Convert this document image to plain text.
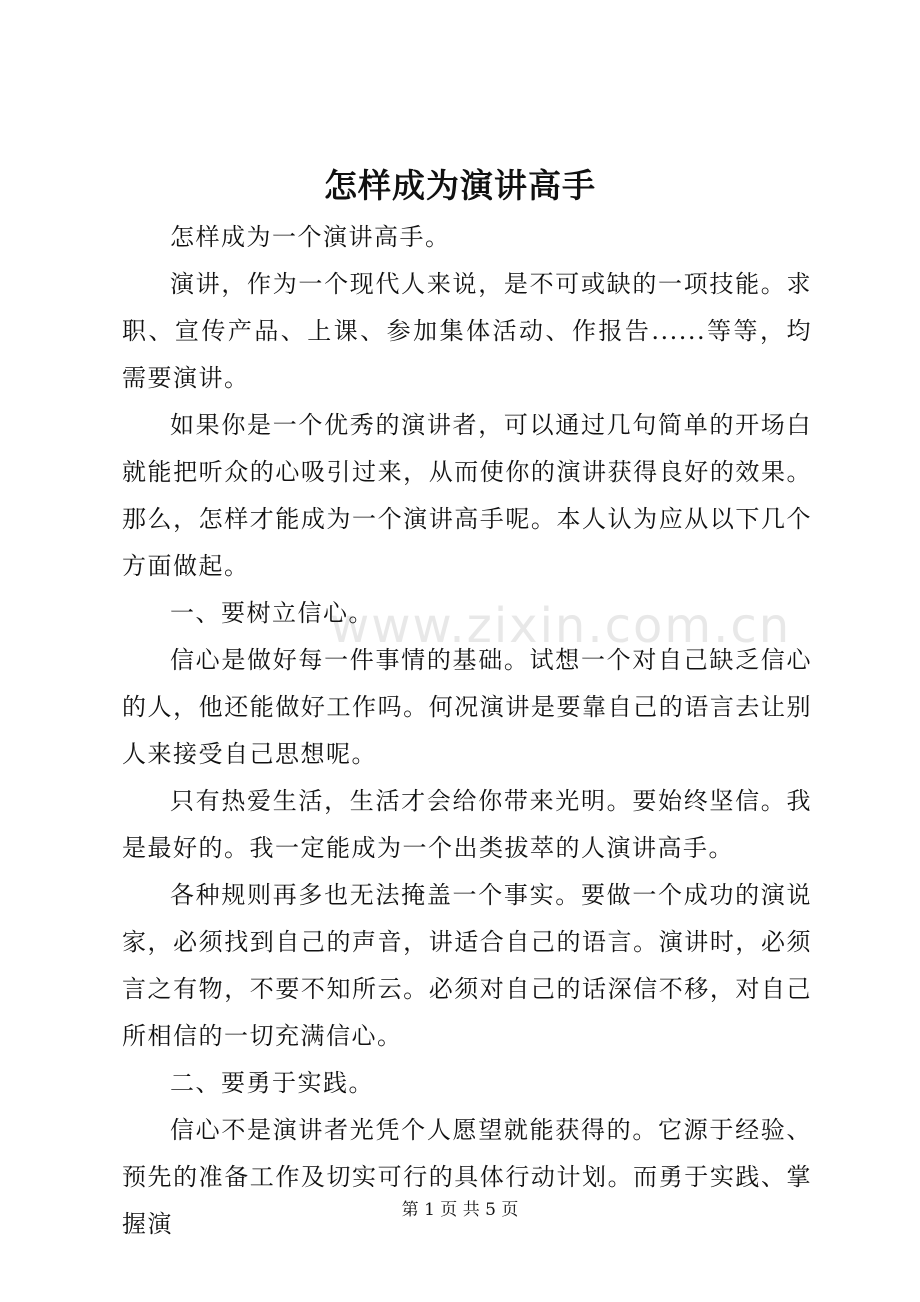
www.zixin.com.cn
怎样成为演讲高手

怎样成为一个演讲高手。

演讲，作为一个现代人来说，是不可或缺的一项技能。求职、宣传产品、上课、参加集体活动、作报告......等等，均需要演讲。

如果你是一个优秀的演讲者，可以通过几句简单的开场白就能把听众的心吸引过来，从而使你的演讲获得良好的效果。那么，怎样才能成为一个演讲高手呢。本人认为应从以下几个方面做起。

一、要树立信心。

信心是做好每一件事情的基础。试想一个对自己缺乏信心的人，他还能做好工作吗。何况演讲是要靠自己的语言去让别人来接受自己思想呢。

只有热爱生活，生活才会给你带来光明。要始终坚信。我是最好的。我一定能成为一个出类拔萃的人演讲高手。

各种规则再多也无法掩盖一个事实。要做一个成功的演说家，必须找到自己的声音，讲适合自己的语言。演讲时，必须言之有物，不要不知所云。必须对自己的话深信不移，对自己所相信的一切充满信心。

二、要勇于实践。

信心不是演讲者光凭个人愿望就能获得的。它源于经验、预先的准备工作及切实可行的具体行动计划。而勇于实践、掌握演	第 1 页 共 5 页
